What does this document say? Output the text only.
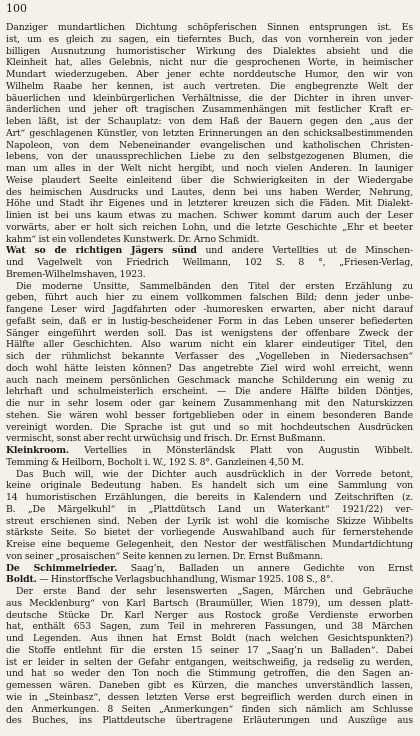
100
Danziger mundartlichen Dichtung schöpferischen Sinnen entsprungen ist. Es
ist, um es gleich zu sagen, ein tieferntes Buch, das von vornherein von jeder
billigen Ausnutzung humoristischer Wirkung des Dialektes absieht und die
Kleinheit hat, alles Gelebnis, nicht nur die gesprochenen Worte, in heimischer
Mundart wiederzugeben. Aber jener echte norddeutsche Humor, den wir von
Wilhelm Raabe her kennen, ist auch vertreten. Die engbegrenzte Welt der
bäuerlichen und kleinbürgerlichen Verhältnisse, die der Dichter in ihren unver-
änderlichen und jeher oft tragischen Zusammenhängen mit festlicher Kraft er-
leben läßt, ist der Schauplatz: von dem Haß der Bauern gegen den „aus der
Art“ geschlagenen Künstler, von letzten Erinnerungen an den schicksalbestimmenden
Napoleon, von dem Nebeneinander evangelischen und katholischen Christen-
lebens, von der unaussprechlichen Liebe zu den selbstgezogenen Blumen, die
man um alles in der Welt nicht hergibt, und noch vielen Anderen. In launiger
Weise plaudert Seelte einleitend über die Schwierigkeiten in der Wiedergabe
des heimischen Ausdrucks und Lautes, denn bei uns haben Werder, Nehrung,
Höhe und Stadt ihr Eigenes und in letzterer kreuzen sich die Fäden. Mit Dialekt-
linien ist bei uns kaum etwas zu machen. Schwer kommt darum auch der Leser
vorwärts, aber er holt sich reichen Lohn, und die letzte Geschichte „Ehr et beeter
kahm“ ist ein vollendetes Kunstwerk. Dr. Arno Schmidt.
Wat so de richtigen Jägers sünd und andere Vertellties ut de Minschen-
und Vagelwelt von Friedrich Wellmann, 102 S. 8 °, „Friesen-Verlag,
Bremen-Wilhelmshaven, 1923.
Die moderne Unsitte, Sammelbänden den Titel der ersten Erzählung zu
geben, führt auch hier zu einem vollkommen falschen Bild; denn jeder unbe-
fangene Leser wird Jagdfahrten oder -humoresken erwarten, aber nicht darauf
gefaßt sein, daß er in lustig-bescheidener Form in das Leben unserer befiederten
Sänger eingeführt werden soll. Das ist wenigstens der offenbare Zweck der
Hälfte aller Geschichten. Also warum nicht ein klarer eindeutiger Titel, den
sich der rühmlichst bekannte Verfasser des „Vogelleben in Niedersachsen“
doch wohl hätte leisten können? Das angetrebte Ziel wird wohl erreicht, wenn
auch nach meinem persönlichen Geschmack manche Schilderung ein wenig zu
lehrhaft und schulmeisterlich erscheint. — Die andere Hälfte bilden Döntjes,
die nur in sehr losem oder gar keinem Zusammenhang mit den Naturskizzen
stehen. Sie wären wohl besser fortgeblieben oder in einem besonderen Bande
vereinigt worden. Die Sprache ist gut und so mit hochdeutschen Ausdrücken
vermischt, sonst aber recht urwüchsig und frisch. Dr. Ernst Bußmann.
Kleinkroom. Vertellies in Mönsterländsk Platt von Augustin Wibbelt.
Temming & Heilborn, Bocholt i. W., 192 S. 8°. Ganzleinen 4,50 M.
Das Buch will, wie der Dichter auch ausdrücklich in der Vorrede betont,
keine originale Bedeutung haben. Es handelt sich um eine Sammlung von
14 humoristischen Erzählungen, die bereits in Kalendern und Zeitschriften (z.
B. „De Märgelkuhl“ in „Plattdütsch Land un Waterkant“ 1921/22) ver-
streut erschienen sind. Neben der Lyrik ist wohl die komische Skizze Wibbelts
stärkste Seite. So bietet der vorliegende Auswahlband auch für fernerstehende
Kreise eine bequeme Gelegenheit, den Nestor der westfälischen Mundartdichtung
von seiner „prosaischen“ Seite kennen zu lernen. Dr. Ernst Bußmann.
De Schimmelrieder. Saag’n, Balladen un annere Gedichte von Ernst
Boldt. — Hinstorffsche Verlagsbuchhandlung, Wismar 1925. 108 S., 8°.
Der erste Band der sehr lesenswerten „Sagen, Märchen und Gebräuche
aus Mecklenburg“ von Karl Bartsch (Braumüller, Wien 1879), um dessen platt-
deutsche Stücke Dr. Karl Nerger aus Rostock große Verdienste erworben
hat, enthält 653 Sagen, zum Teil in mehreren Fassungen, und 38 Märchen
und Legenden. Aus ihnen hat Ernst Boldt (nach welchen Gesichtspunkten?)
die Stoffe entlehnt für die ersten 15 seiner 17 „Saag’n un Balladen“. Dabei
ist er leider in selten der Gefahr entgangen, weitschweifig, ja redselig zu werden,
und hat so weder den Ton noch die Stimmung getroffen, die den Sagen an-
gemessen wären. Daneben gibt es Kürzen, die manches unverständlich lassen,
wie in „Steinbasz“, dessen letzten Verse erst begreiflich werden durch einen in
den Anmerkungen. 8 Seiten „Anmerkungen“ finden sich nämlich am Schlusse
des Buches, ins Plattdeutsche übertragene Erläuterungen und Auszüge aus
